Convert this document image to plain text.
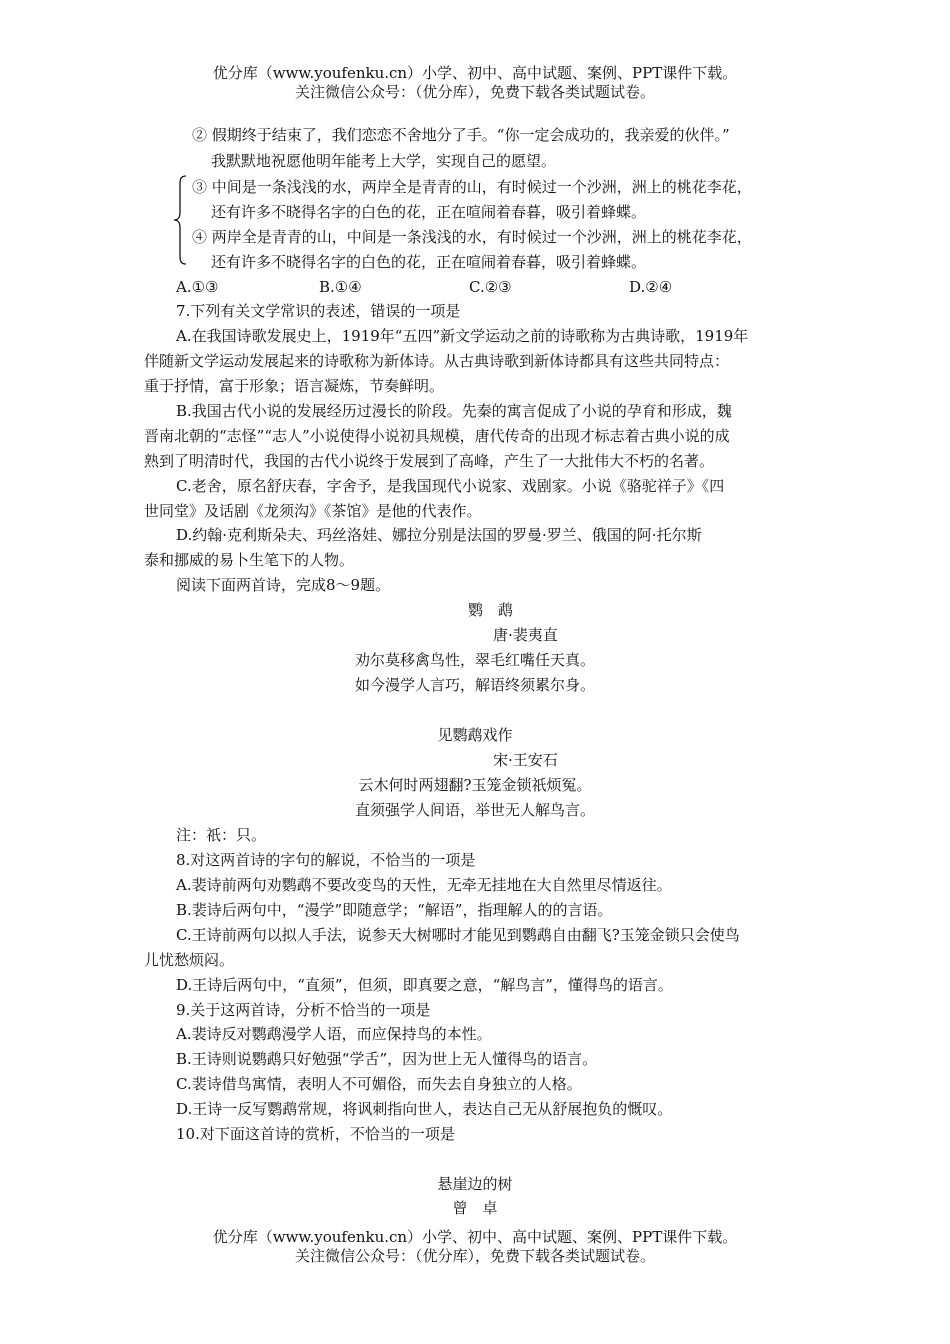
优分库（www.youfenku.cn）小学、初中、高中试题、案例、PPT课件下载。
关注微信公众号：（优分库），免费下载各类试题试卷。
② 假期终于结束了，我们恋恋不舍地分了手。“你一定会成功的，我亲爱的伙伴。”
我默默地祝愿他明年能考上大学，实现自己的愿望。
③ 中间是一条浅浅的水，两岸全是青青的山，有时候过一个沙洲，洲上的桃花李花，
还有许多不晓得名字的白色的花，正在喧闹着春暮，吸引着蜂蝶。
④ 两岸全是青青的山，中间是一条浅浅的水，有时候过一个沙洲，洲上的桃花李花，
还有许多不晓得名字的白色的花，正在喧闹着春暮，吸引着蜂蝶。
A.①③	B.①④	C.②③	D.②④
7.下列有关文学常识的表述，错误的一项是
A.在我国诗歌发展史上，1919年“五四”新文学运动之前的诗歌称为古典诗歌，1919年
伴随新文学运动发展起来的诗歌称为新体诗。从古典诗歌到新体诗都具有这些共同特点：
重于抒情，富于形象；语言凝炼，节奏鲜明。
B.我国古代小说的发展经历过漫长的阶段。先秦的寓言促成了小说的孕育和形成，魏
晋南北朝的“志怪”“志人”小说使得小说初具规模，唐代传奇的出现才标志着古典小说的成
熟到了明清时代，我国的古代小说终于发展到了高峰，产生了一大批伟大不朽的名著。
C.老舍，原名舒庆春，字舍予，是我国现代小说家、戏剧家。小说《骆驼祥子》《四
世同堂》及话剧《龙须沟》《茶馆》是他的代表作。
D.约翰·克利斯朵夫、玛丝洛娃、娜拉分别是法国的罗曼·罗兰、俄国的阿·托尔斯
泰和挪威的易卜生笔下的人物。
阅读下面两首诗，完成8～9题。
鹦　鹉
唐·裴夷直
劝尔莫移禽鸟性，翠毛红嘴任天真。
如今漫学人言巧，解语终须累尔身。
见鹦鹉戏作
宋·王安石
云木何时两翅翻?玉笼金锁祇烦冤。
直须强学人间语，举世无人解鸟言。
注：祇：只。
8.对这两首诗的字句的解说，不恰当的一项是
A.裴诗前两句劝鹦鹉不要改变鸟的天性，无牵无挂地在大自然里尽情返往。
B.裴诗后两句中，“漫学”即随意学；“解语”，指理解人的的言语。
C.王诗前两句以拟人手法，说参天大树哪时才能见到鹦鹉自由翻飞?玉笼金锁只会使鸟
儿忧愁烦闷。
D.王诗后两句中，“直须”，但须，即真要之意，“解鸟言”，懂得鸟的语言。
9.关于这两首诗，分析不恰当的一项是
A.裴诗反对鹦鹉漫学人语，而应保持鸟的本性。
B.王诗则说鹦鹉只好勉强“学舌”，因为世上无人懂得鸟的语言。
C.裴诗借鸟寓情，表明人不可媚俗，而失去自身独立的人格。
D.王诗一反写鹦鹉常规，将讽刺指向世人，表达自己无从舒展抱负的慨叹。
10.对下面这首诗的赏析，不恰当的一项是
悬崖边的树
曾　卓
优分库（www.youfenku.cn）小学、初中、高中试题、案例、PPT课件下载。
关注微信公众号：（优分库），免费下载各类试题试卷。
